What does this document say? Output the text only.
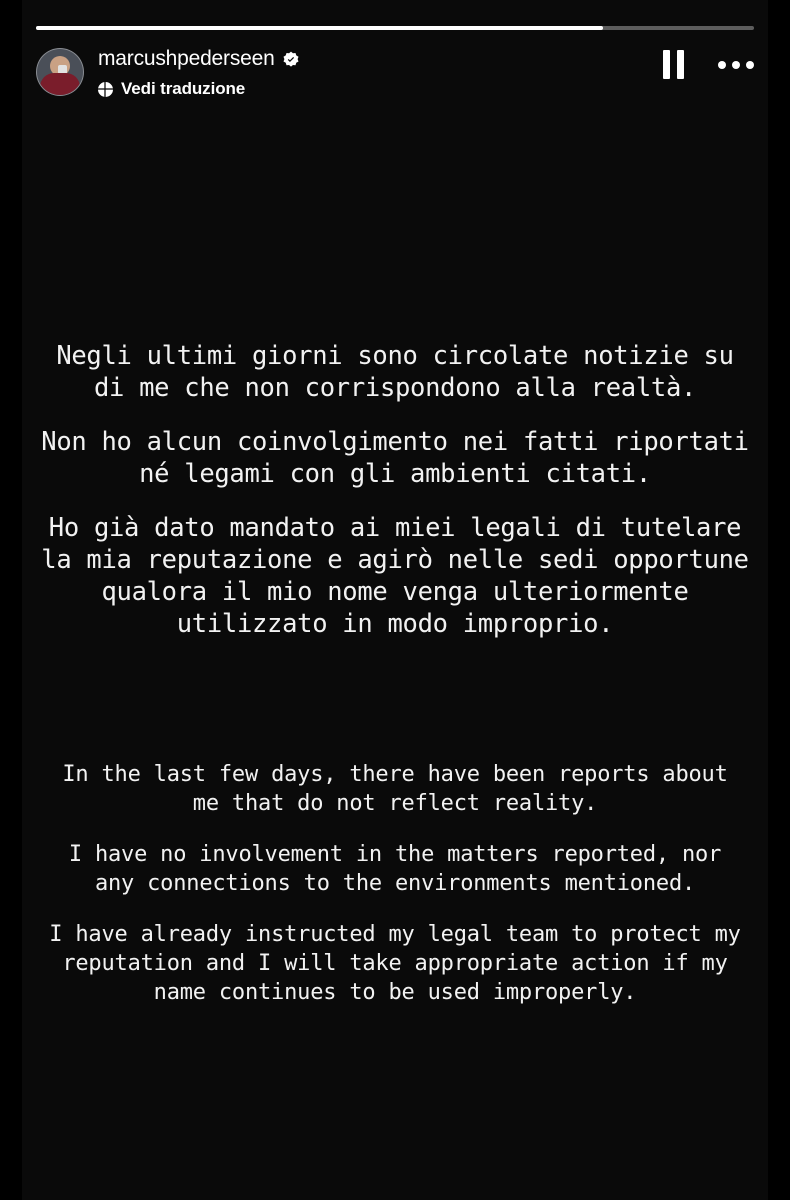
marcushpederseen
Vedi traduzione

Negli ultimi giorni sono circolate notizie su di me che non corrispondono alla realtà.

Non ho alcun coinvolgimento nei fatti riportati né legami con gli ambienti citati.

Ho già dato mandato ai miei legali di tutelare la mia reputazione e agirò nelle sedi opportune qualora il mio nome venga ulteriormente utilizzato in modo improprio.

In the last few days, there have been reports about me that do not reflect reality.

I have no involvement in the matters reported, nor any connections to the environments mentioned.

I have already instructed my legal team to protect my reputation and I will take appropriate action if my name continues to be used improperly.
